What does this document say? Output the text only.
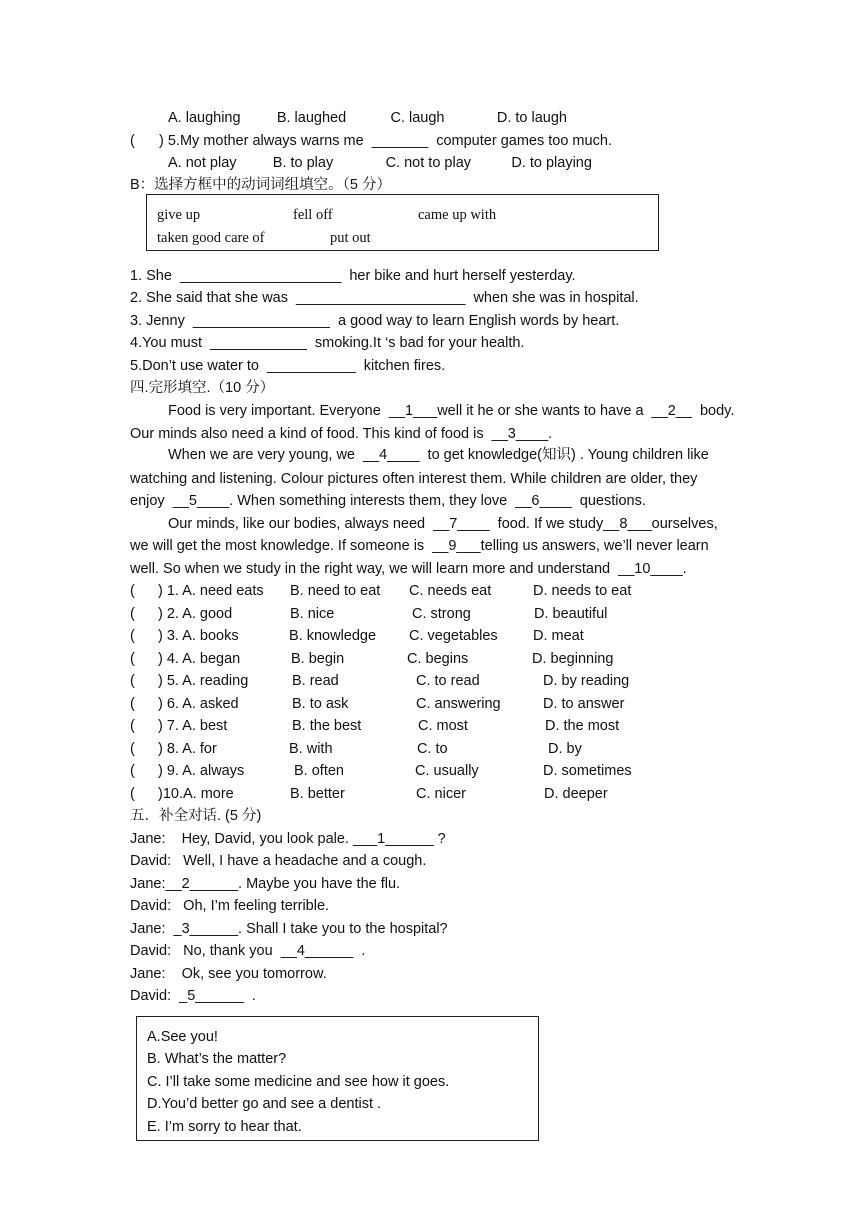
A. laughing         B. laughed           C. laugh             D. to laugh
(      ) 5.My mother always warns me  _______  computer games too much.
A. not play         B. to play             C. not to play          D. to playing
B：选择方框中的动词词组填空。（5 分）
give up	fell off	came up with
taken good care of	put out
1. She  ____________________  her bike and hurt herself yesterday.
2. She said that she was  _____________________  when she was in hospital.
3. Jenny  _________________  a good way to learn English words by heart.
4.You must  ____________  smoking.It ‘s bad for your health.
5.Don’t use water to  ___________  kitchen fires.
四.完形填空.（10 分）
Food is very important. Everyone  __1___well it he or she wants to have a  __2__  body.
Our minds also need a kind of food. This kind of food is  __3____.
When we are very young, we  __4____  to get knowledge(知识) . Young children like
watching and listening. Colour pictures often interest them. While children are older, they
enjoy  __5____. When something interests them, they love  __6____  questions.
Our minds, like our bodies, always need  __7____  food. If we study__8___ourselves,
we will get the most knowledge. If someone is  __9___telling us answers, we’ll never learn
well. So when we study in the right way, we will learn more and understand  __10____.
( ) 1. A. need eats B. need to eat C. needs eat	D. needs to eat
( ) 2. A. good	B. nice	C. strong	D. beautiful
( ) 3. A. books	B. knowledge C. vegetables D. meat
( ) 4. A. began	B. begin	C. begins	D. beginning
( ) 5. A. reading	B. read	C. to read	D. by reading
( ) 6. A. asked	B. to ask	C. answering	D. to answer
( ) 7. A. best	B. the best	C. most	D. the most
( ) 8. A. for	B. with	C. to	D. by
( ) 9. A. always	B. often	C. usually	D. sometimes
( )10.A. more	B. better	C. nicer	D. deeper
五．补全对话. (5 分)
Jane:    Hey, David, you look pale. ___1______ ?
David:   Well, I have a headache and a cough.
Jane:__2______. Maybe you have the flu.
David:   Oh, I’m feeling terrible.
Jane:  _3______. Shall I take you to the hospital?
David:   No, thank you  __4______  .
Jane:    Ok, see you tomorrow.
David:  _5______  .
A.See you!
B. What’s the matter?
C. I’ll take some medicine and see how it goes.
D.You’d better go and see a dentist .
E. I’m sorry to hear that.
